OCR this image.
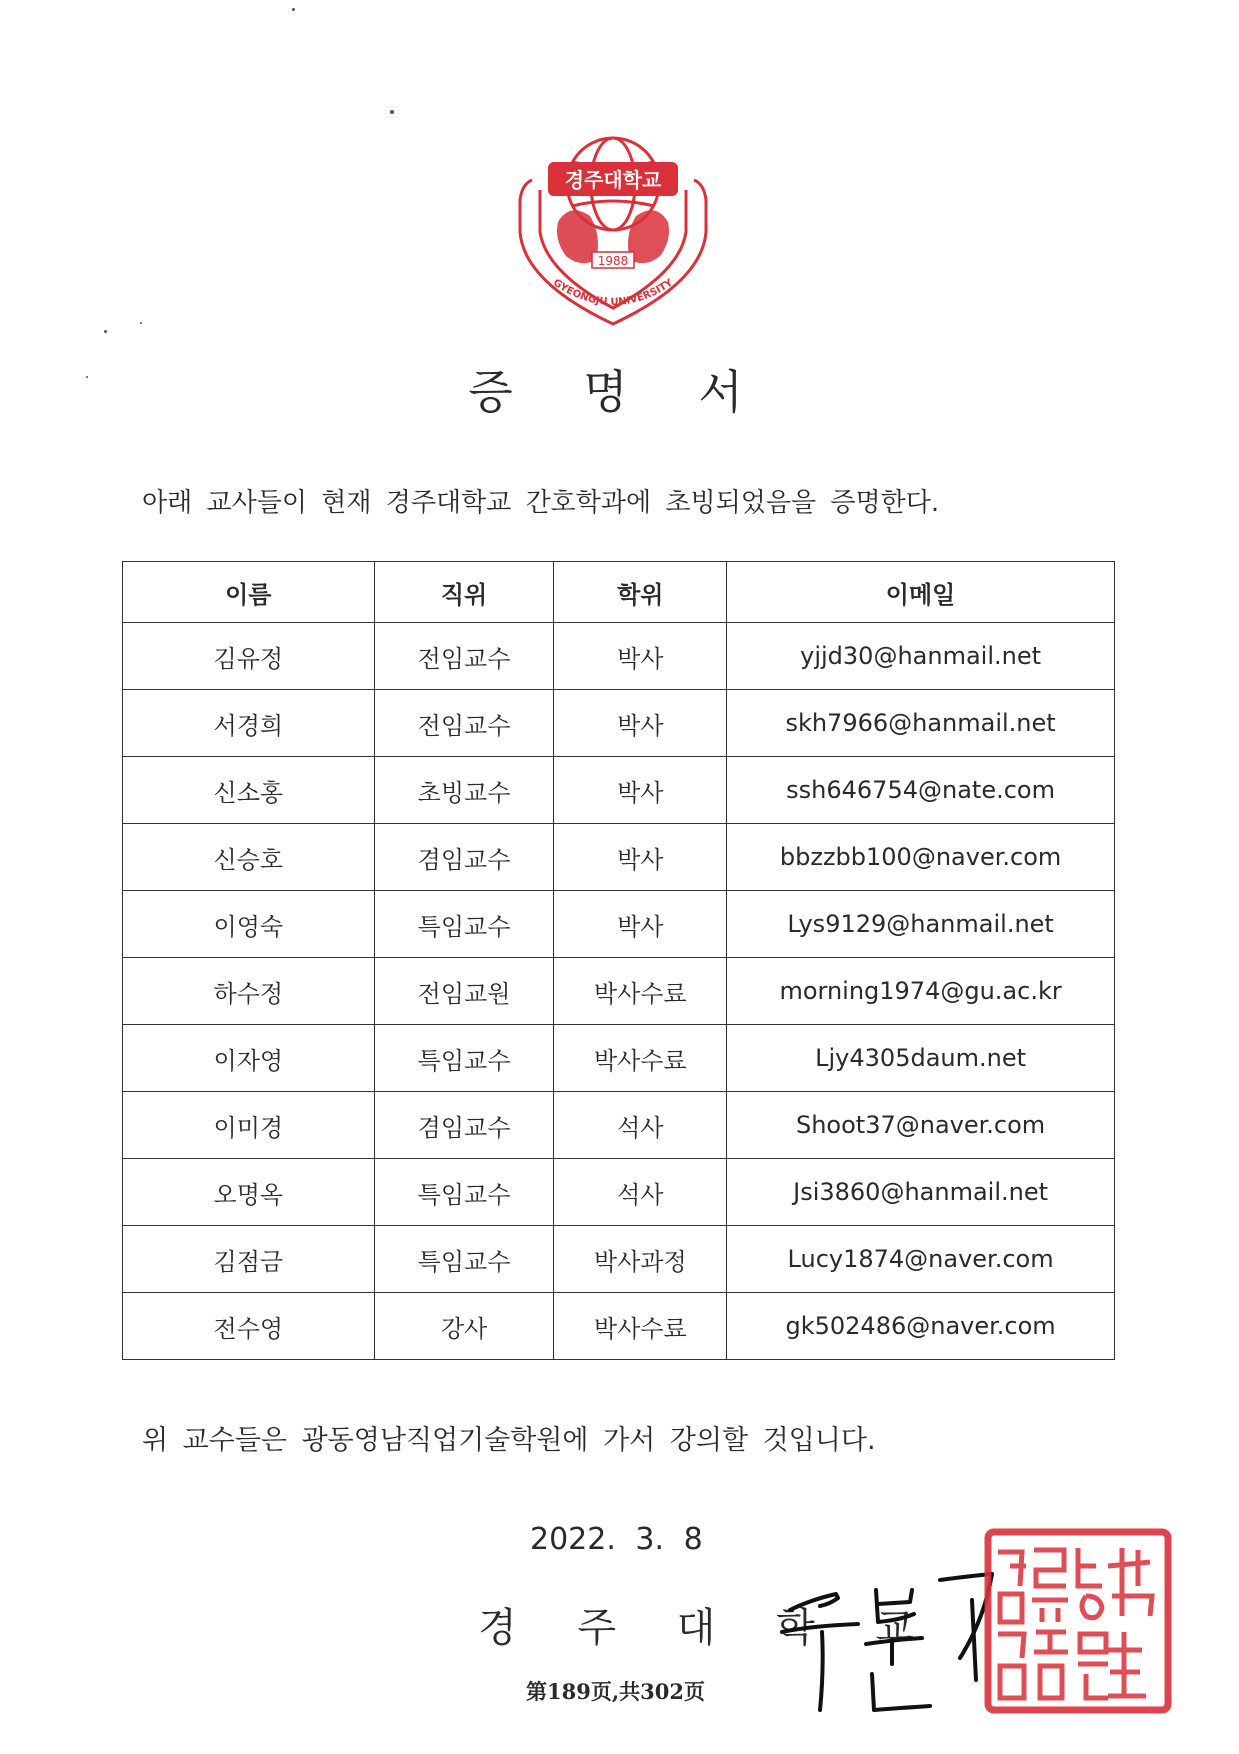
경주대학교
1988
GYEONGJU UNIVERSITY
증 명 서
아래 교사들이 현재 경주대학교 간호학과에 초빙되었음을 증명한다.
이름	직위	학위	이메일
김유정	전임교수	박사	yjjd30@hanmail.net
서경희	전임교수	박사	skh7966@hanmail.net
신소홍	초빙교수	박사	ssh646754@nate.com
신승호	겸임교수	박사	bbzzbb100@naver.com
이영숙	특임교수	박사	Lys9129@hanmail.net
하수정	전임교원	박사수료	morning1974@gu.ac.kr
이자영	특임교수	박사수료	Ljy4305daum.net
이미경	겸임교수	석사	Shoot37@naver.com
오명옥	특임교수	석사	Jsi3860@hanmail.net
김점금	특임교수	박사과정	Lucy1874@naver.com
전수영	강사	박사수료	gk502486@naver.com
위 교수들은 광동영남직업기술학원에 가서 강의할 것입니다.
2022. 3. 8
경 주 대 학 교
第189页,共302页
